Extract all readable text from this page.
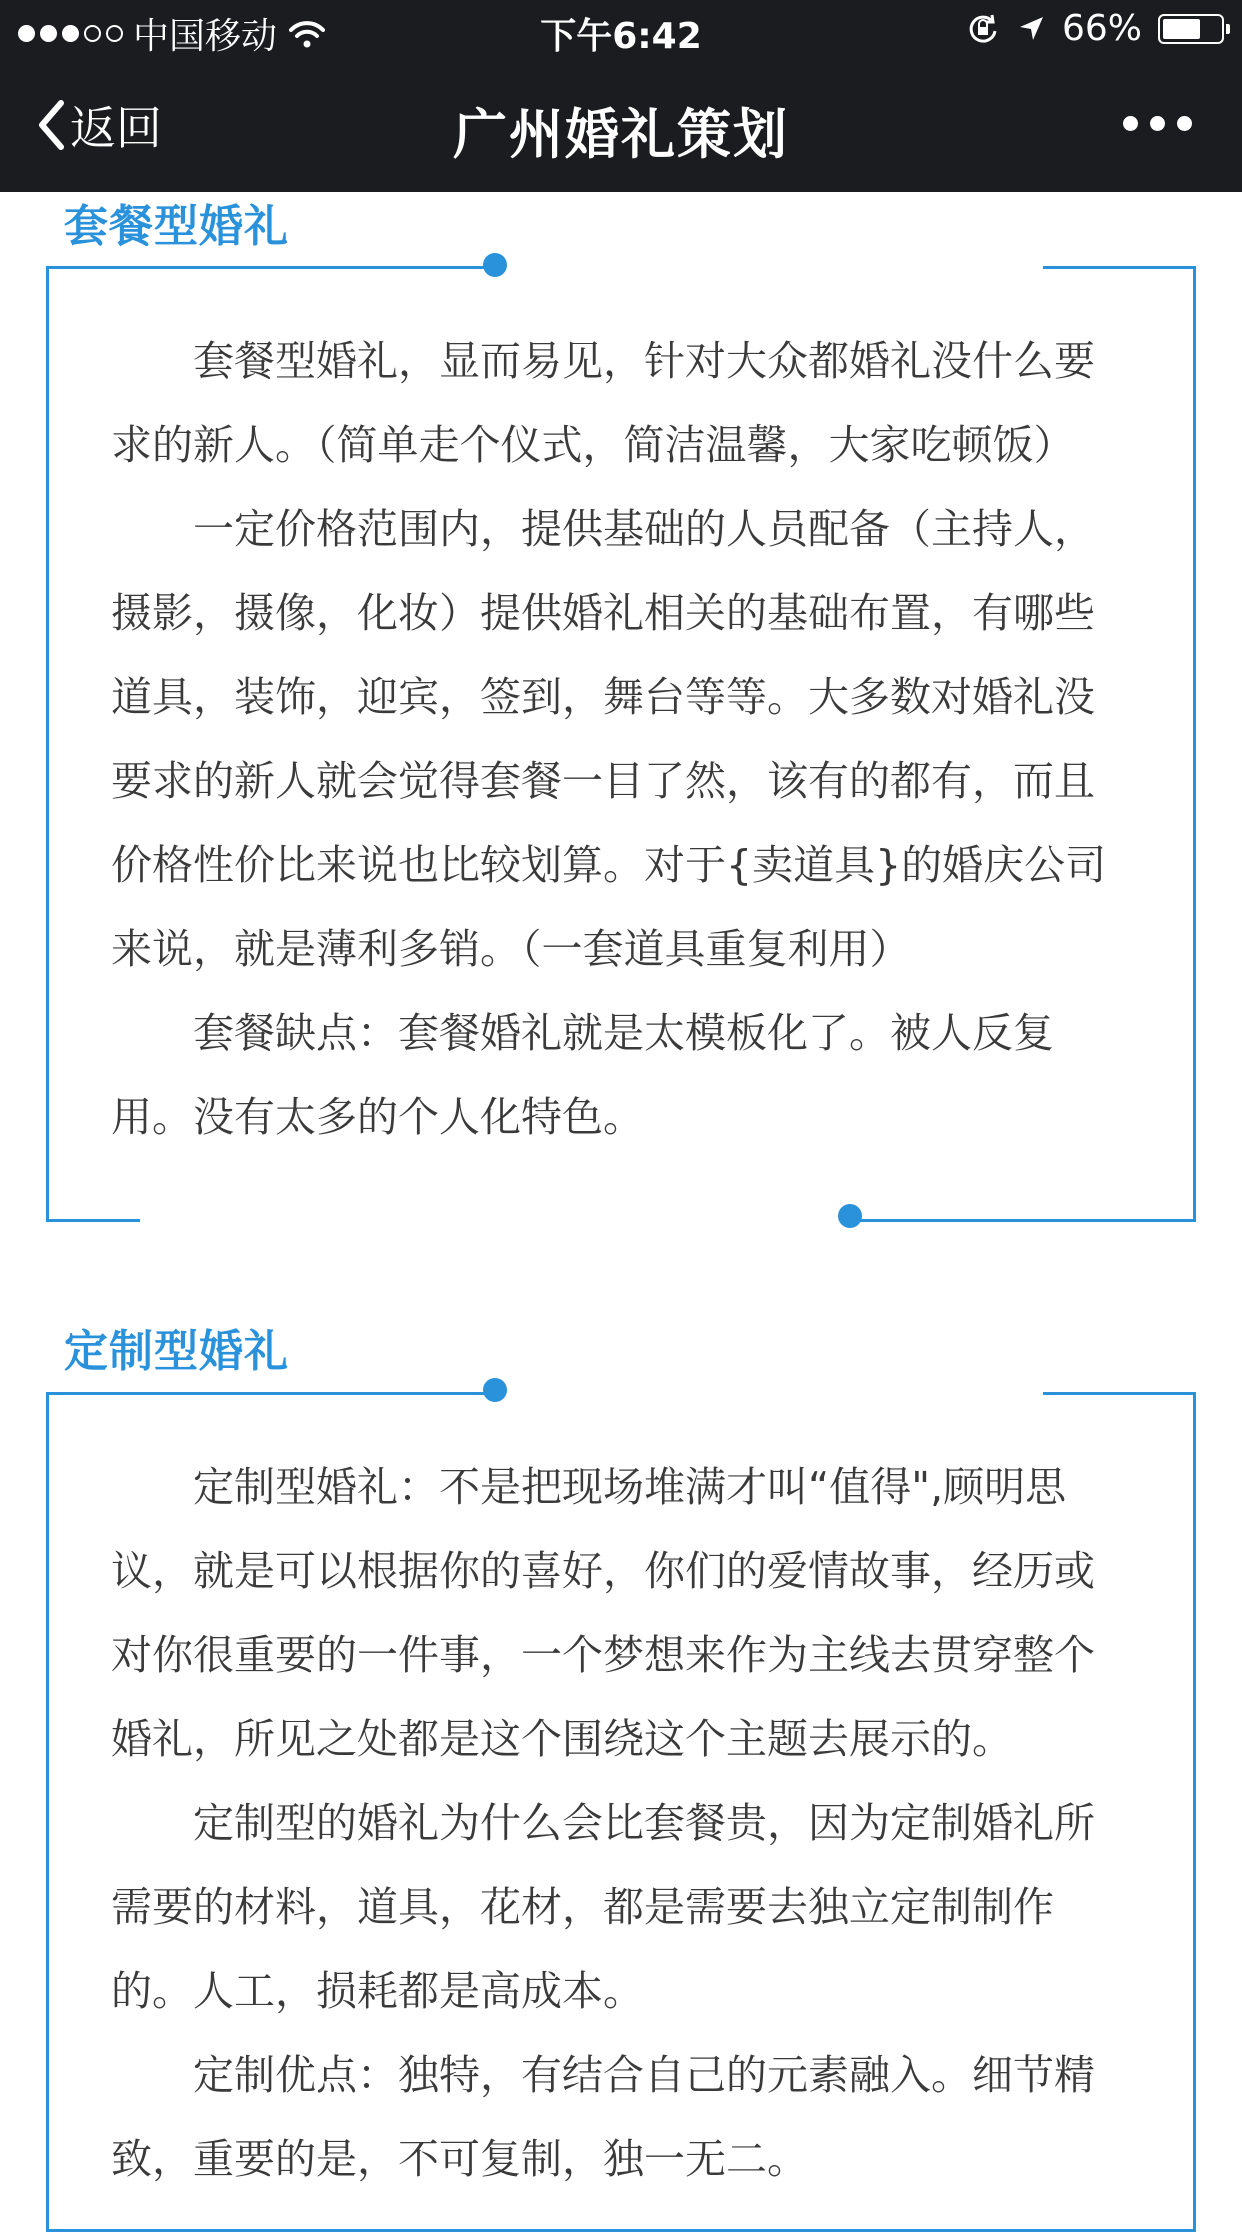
中国移动	下午6:42	66%
返回	广州婚礼策划
套餐型婚礼

套餐型婚礼，显而易见，针对大众都婚礼没什么要求的新人。（简单走个仪式，简洁温馨，大家吃顿饭）

一定价格范围内，提供基础的人员配备（主持人，摄影，摄像，化妆）提供婚礼相关的基础布置，有哪些道具，装饰，迎宾，签到，舞台等等。大多数对婚礼没要求的新人就会觉得套餐一目了然，该有的都有，而且价格性价比来说也比较划算。对于{卖道具}的婚庆公司来说，就是薄利多销。（一套道具重复利用）

套餐缺点：套餐婚礼就是太模板化了。被人反复用。没有太多的个人化特色。

定制型婚礼

定制型婚礼：不是把现场堆满才叫“值得",顾明思议，就是可以根据你的喜好，你们的爱情故事，经历或对你很重要的一件事，一个梦想来作为主线去贯穿整个婚礼，所见之处都是这个围绕这个主题去展示的。

定制型的婚礼为什么会比套餐贵，因为定制婚礼所需要的材料，道具，花材，都是需要去独立定制制作的。人工，损耗都是高成本。

定制优点：独特，有结合自己的元素融入。细节精致，重要的是，不可复制，独一无二。
